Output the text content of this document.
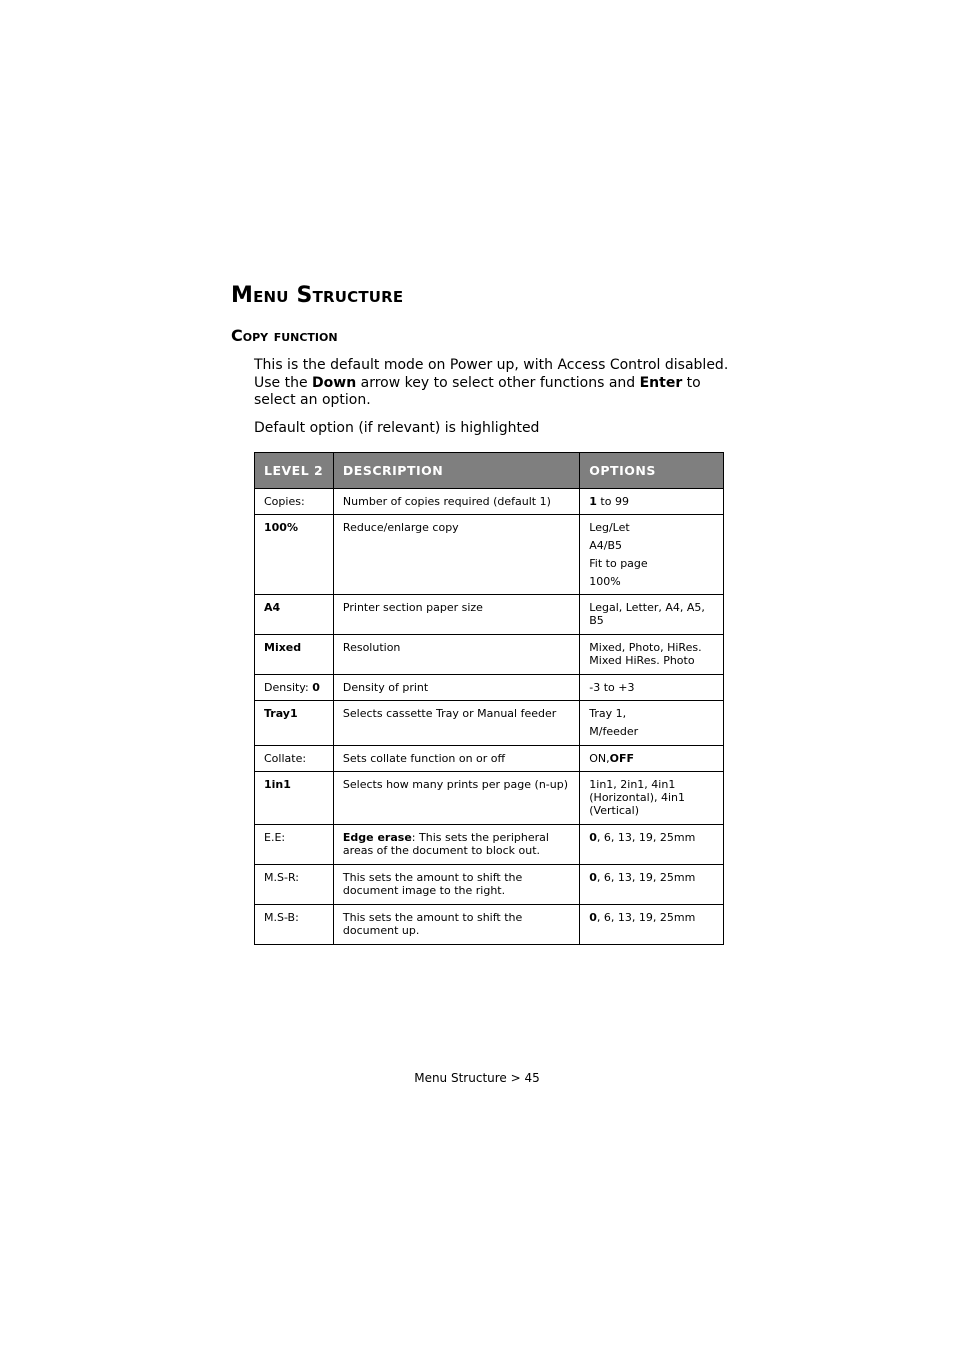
Menu Structure
Copy function

This is the default mode on Power up, with Access Control disabled. Use the Down arrow key to select other functions and Enter to select an option.

Default option (if relevant) is highlighted

LEVEL 2	DESCRIPTION	OPTIONS
Copies:	Number of copies required (default 1)	1 to 99

100%	Reduce/enlarge copy	Leg/Let
A4/B5
Fit to page
100%

A4	Printer section paper size	Legal, Letter, A4, A5, B5

Mixed	Resolution	Mixed, Photo, HiRes. Mixed HiRes. Photo

Density: 0	Density of print	-3 to +3

Tray1	Selects cassette Tray or Manual feeder	Tray 1,
M/feeder

Collate:	Sets collate function on or off	ON,OFF

1in1	Selects how many prints per page (n-up)	1in1, 2in1, 4in1 (Horizontal), 4in1 (Vertical)

E.E:	Edge erase: This sets the peripheral areas of the document to block out.	0, 6, 13, 19, 25mm

M.S-R:	This sets the amount to shift the document image to the right.	0, 6, 13, 19, 25mm

M.S-B:	This sets the amount to shift the document up.	0, 6, 13, 19, 25mm
Menu Structure > 45
